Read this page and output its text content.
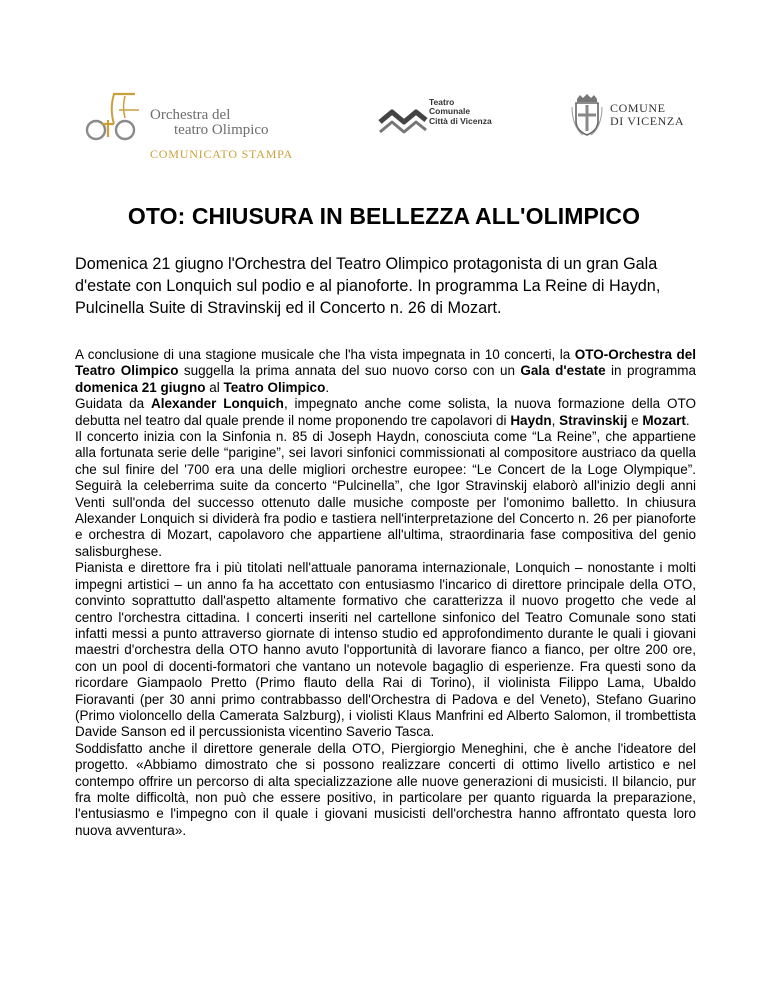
Orchestra del
teatro Olimpico
COMUNICATO STAMPA
Teatro
Comunale
Città di Vicenza
COMUNE
DI VICENZA
OTO: CHIUSURA IN BELLEZZA ALL'OLIMPICO

Domenica 21 giugno l'Orchestra del Teatro Olimpico protagonista di un gran Gala d'estate con Lonquich sul podio e al pianoforte. In programma La Reine di Haydn, Pulcinella Suite di Stravinskij ed il Concerto n. 26 di Mozart.

A conclusione di una stagione musicale che l'ha vista impegnata in 10 concerti, la OTO-Orchestra del Teatro Olimpico suggella la prima annata del suo nuovo corso con un Gala d'estate in programma domenica 21 giugno al Teatro Olimpico.

Guidata da Alexander Lonquich, impegnato anche come solista, la nuova formazione della OTO debutta nel teatro dal quale prende il nome proponendo tre capolavori di Haydn, Stravinskij e Mozart.

Il concerto inizia con la Sinfonia n. 85 di Joseph Haydn, conosciuta come “La Reine”, che appartiene alla fortunata serie delle “parigine”, sei lavori sinfonici commissionati al compositore austriaco da quella che sul finire del '700 era una delle migliori orchestre europee: “Le Concert de la Loge Olympique”. Seguirà la celeberrima suite da concerto “Pulcinella”, che Igor Stravinskij elaborò all'inizio degli anni Venti sull'onda del successo ottenuto dalle musiche composte per l'omonimo balletto. In chiusura Alexander Lonquich si dividerà fra podio e tastiera nell'interpretazione del Concerto n. 26 per pianoforte e orchestra di Mozart, capolavoro che appartiene all'ultima, straordinaria fase compositiva del genio salisburghese.

Pianista e direttore fra i più titolati nell'attuale panorama internazionale, Lonquich – nonostante i molti impegni artistici – un anno fa ha accettato con entusiasmo l'incarico di direttore principale della OTO, convinto soprattutto dall'aspetto altamente formativo che caratterizza il nuovo progetto che vede al centro l'orchestra cittadina. I concerti inseriti nel cartellone sinfonico del Teatro Comunale sono stati infatti messi a punto attraverso giornate di intenso studio ed approfondimento durante le quali i giovani maestri d'orchestra della OTO hanno avuto l'opportunità di lavorare fianco a fianco, per oltre 200 ore, con un pool di docenti-formatori che vantano un notevole bagaglio di esperienze. Fra questi sono da ricordare Giampaolo Pretto (Primo flauto della Rai di Torino), il violinista Filippo Lama, Ubaldo Fioravanti (per 30 anni primo contrabbasso dell'Orchestra di Padova e del Veneto), Stefano Guarino (Primo violoncello della Camerata Salzburg), i violisti Klaus Manfrini ed Alberto Salomon, il trombettista Davide Sanson ed il percussionista vicentino Saverio Tasca.

Soddisfatto anche il direttore generale della OTO, Piergiorgio Meneghini, che è anche l'ideatore del progetto. «Abbiamo dimostrato che si possono realizzare concerti di ottimo livello artistico e nel contempo offrire un percorso di alta specializzazione alle nuove generazioni di musicisti. Il bilancio, pur fra molte difficoltà, non può che essere positivo, in particolare per quanto riguarda la preparazione, l'entusiasmo e l'impegno con il quale i giovani musicisti dell'orchestra hanno affrontato questa loro nuova avventura».
